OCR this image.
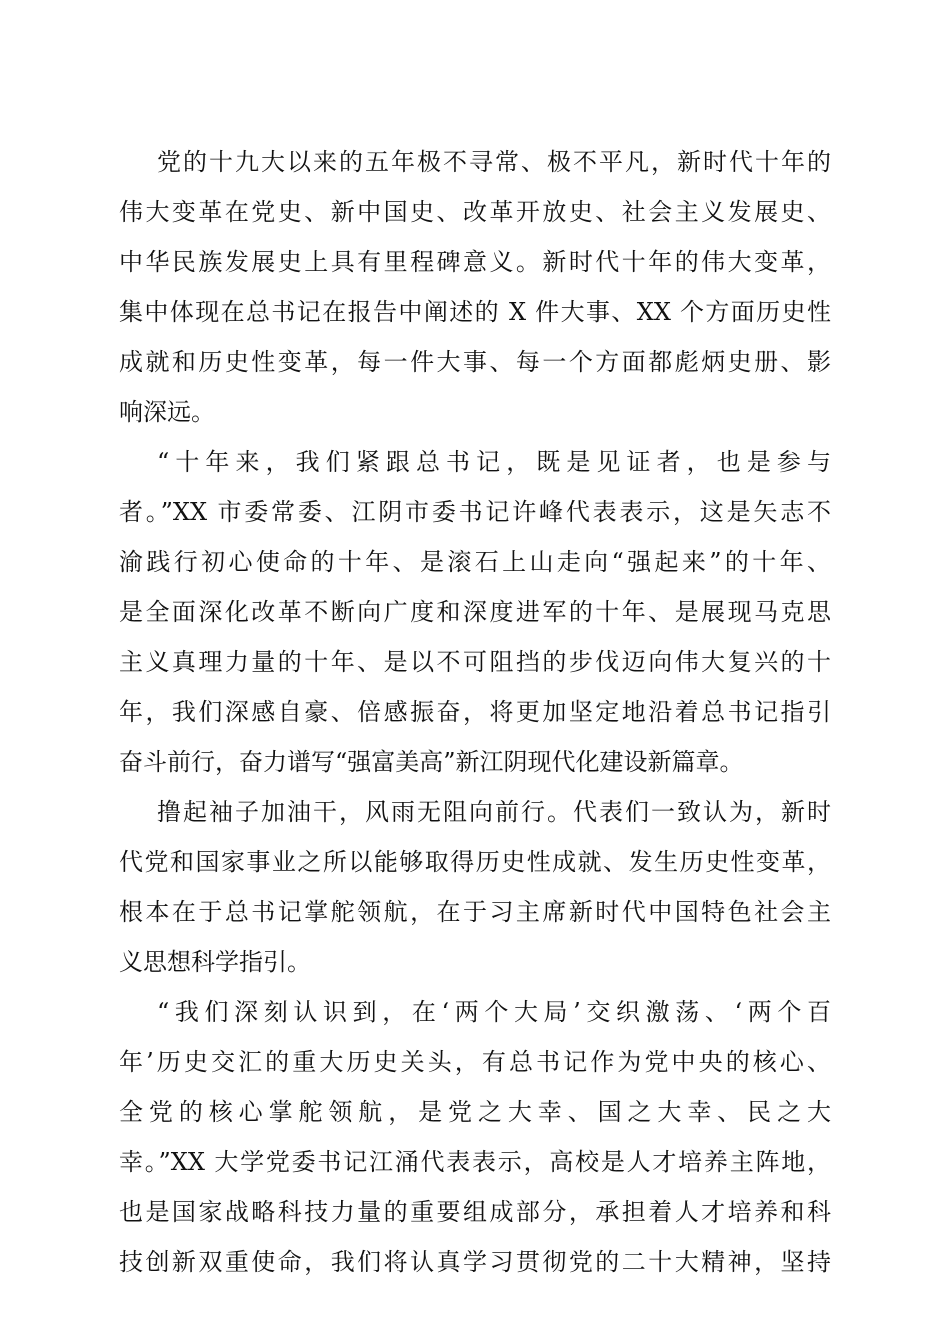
党的十九大以来的五年极不寻常、极不平凡，新时代十年的
伟大变革在党史、新中国史、改革开放史、社会主义发展史、
中华民族发展史上具有里程碑意义。新时代十年的伟大变革，
集中体现在总书记在报告中阐述的 X 件大事、XX 个方面历史性
成就和历史性变革，每一件大事、每一个方面都彪炳史册、影
响深远。
“十年来，我们紧跟总书记，既是见证者，也是参与
者。”XX 市委常委、江阴市委书记许峰代表表示，这是矢志不
渝践行初心使命的十年、是滚石上山走向“强起来”的十年、
是全面深化改革不断向广度和深度进军的十年、是展现马克思
主义真理力量的十年、是以不可阻挡的步伐迈向伟大复兴的十
年，我们深感自豪、倍感振奋，将更加坚定地沿着总书记指引
奋斗前行，奋力谱写“强富美高”新江阴现代化建设新篇章。
撸起袖子加油干，风雨无阻向前行。代表们一致认为，新时
代党和国家事业之所以能够取得历史性成就、发生历史性变革，
根本在于总书记掌舵领航，在于习主席新时代中国特色社会主
义思想科学指引。
“我们深刻认识到，在‘两个大局’交织激荡、‘两个百
年’历史交汇的重大历史关头，有总书记作为党中央的核心、
全党的核心掌舵领航，是党之大幸、国之大幸、民之大
幸。”XX 大学党委书记江涌代表表示，高校是人才培养主阵地，
也是国家战略科技力量的重要组成部分，承担着人才培养和科
技创新双重使命，我们将认真学习贯彻党的二十大精神，坚持
